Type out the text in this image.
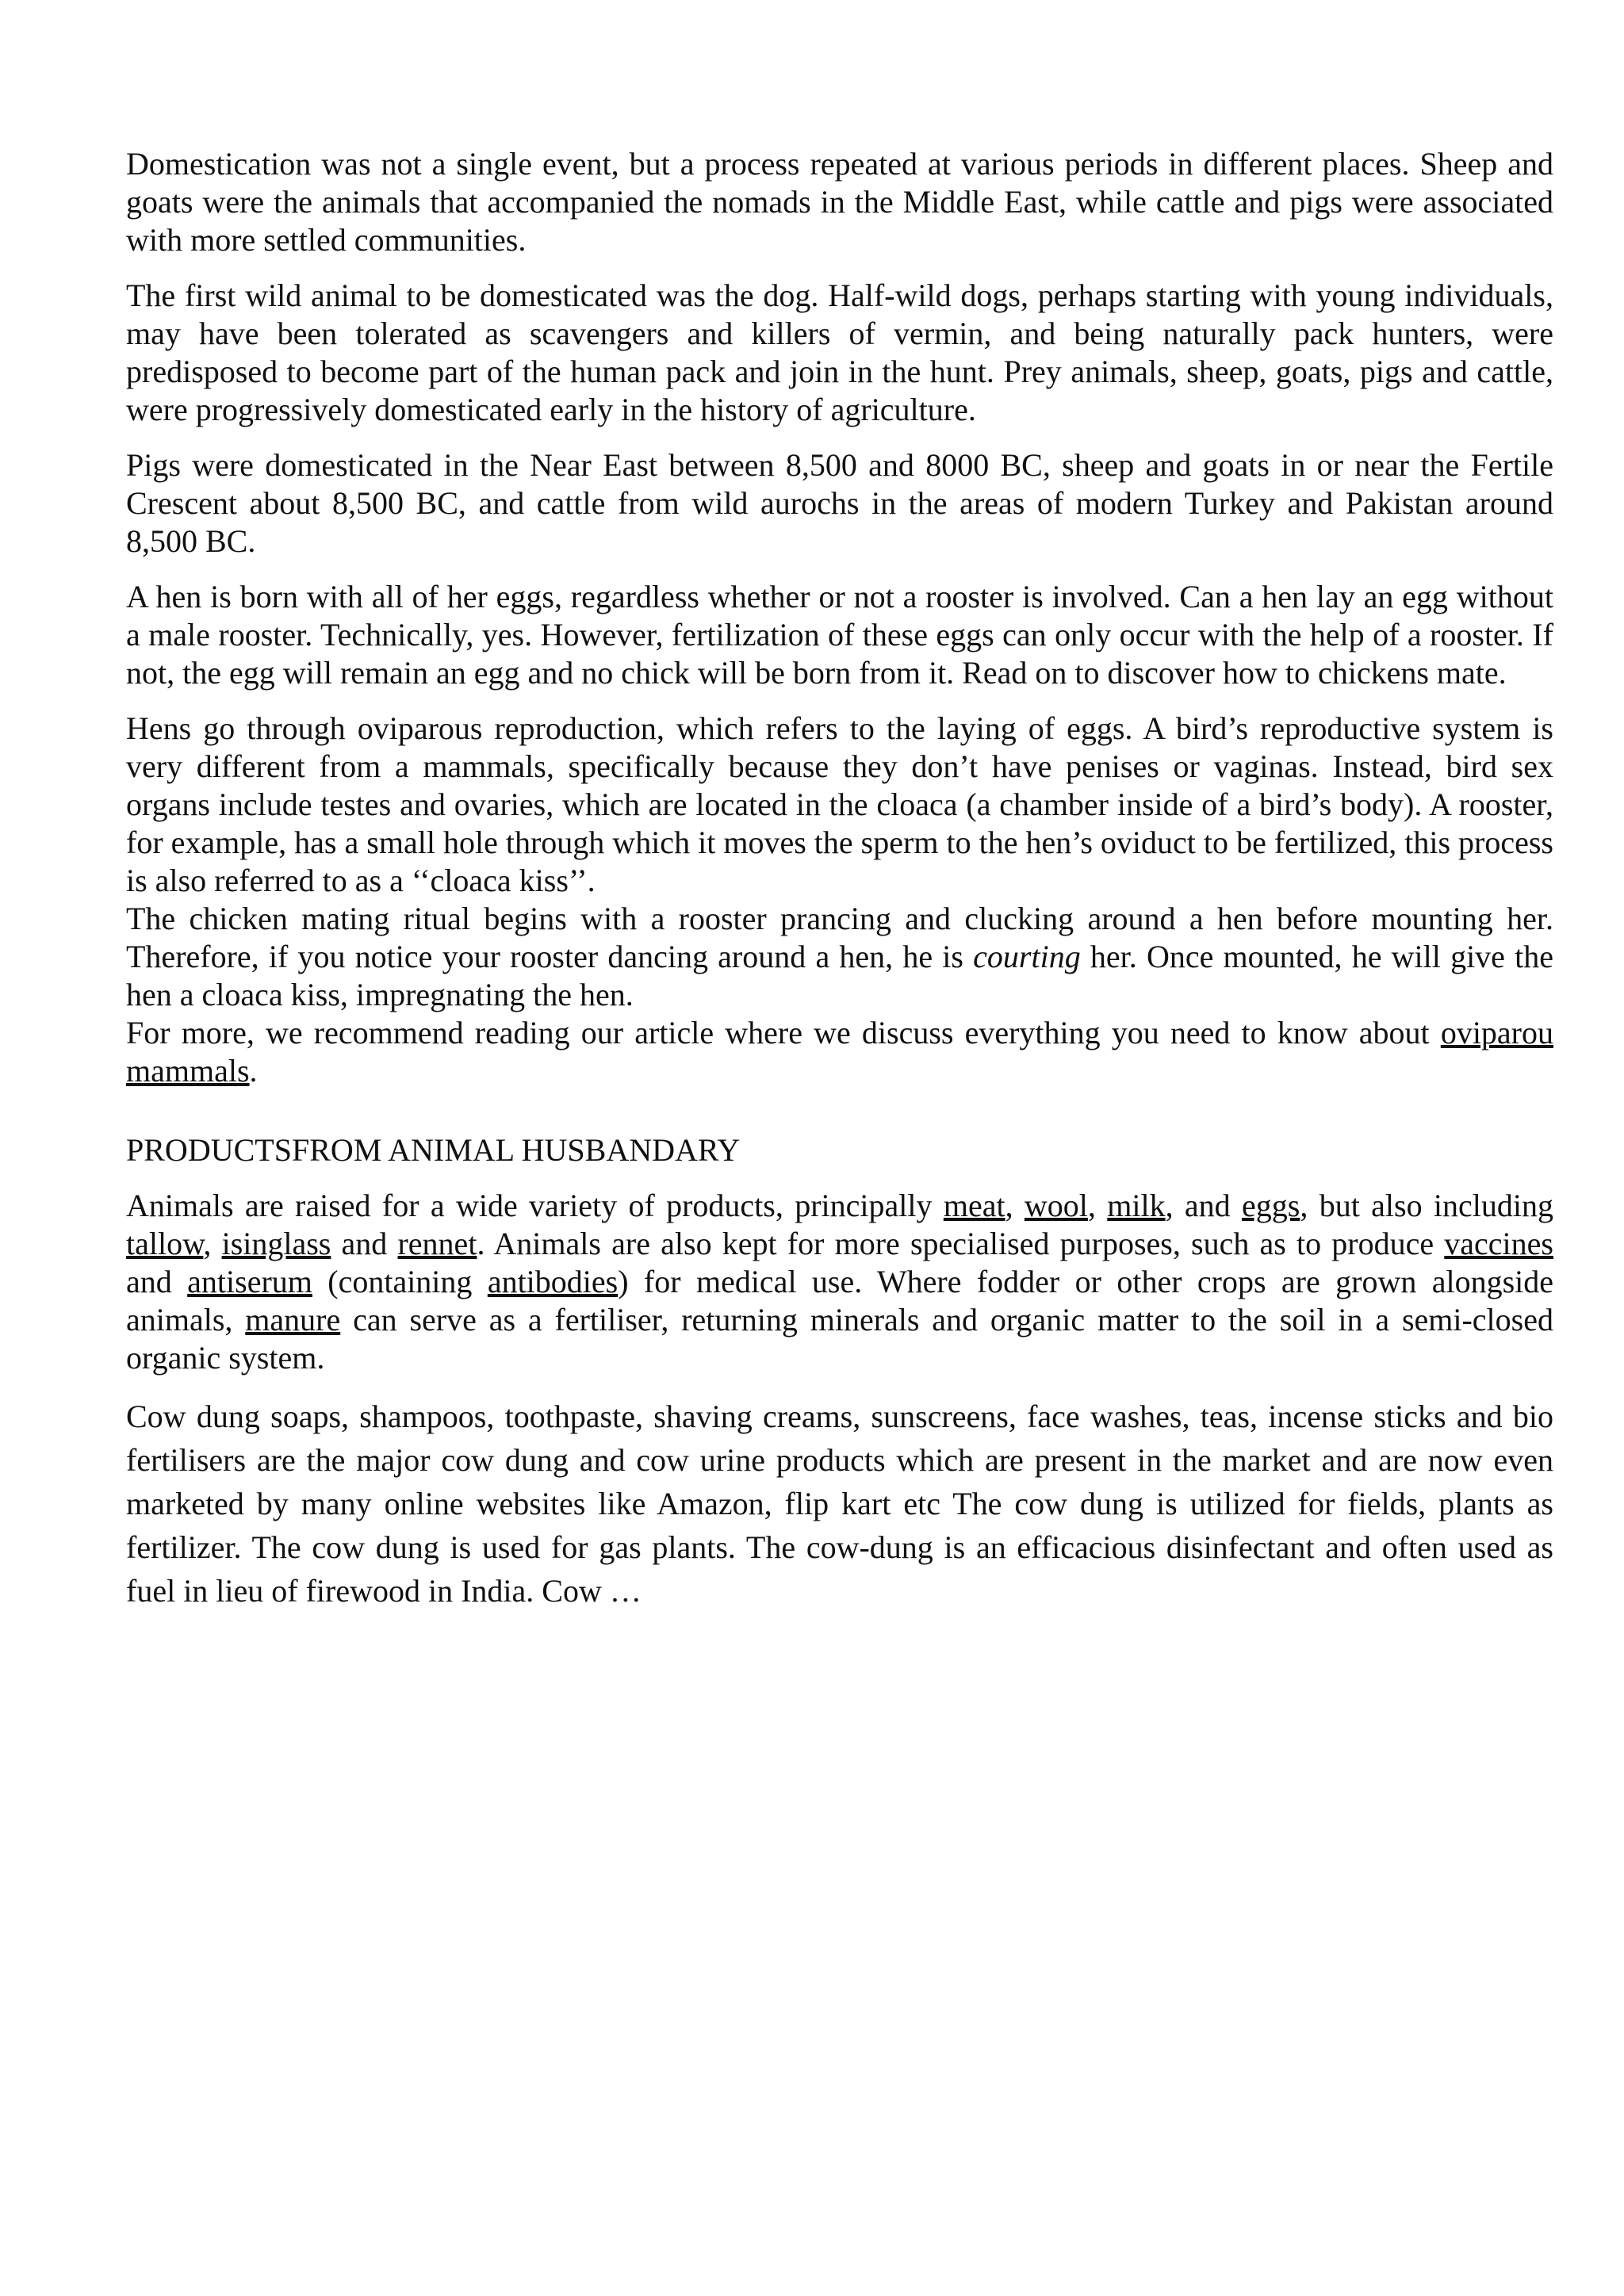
Domestication was not a single event, but a process repeated at various periods in different places. Sheep and goats were the animals that accompanied the nomads in the Middle East, while cattle and pigs were associated with more settled communities.

The first wild animal to be domesticated was the dog. Half-wild dogs, perhaps starting with young individuals, may have been tolerated as scavengers and killers of vermin, and being naturally pack hunters, were predisposed to become part of the human pack and join in the hunt. Prey animals, sheep, goats, pigs and cattle, were progressively domesticated early in the history of agriculture.

Pigs were domesticated in the Near East between 8,500 and 8000 BC, sheep and goats in or near the Fertile Crescent about 8,500 BC, and cattle from wild aurochs in the areas of modern Turkey and Pakistan around 8,500 BC.

A hen is born with all of her eggs, regardless whether or not a rooster is involved. Can a hen lay an egg without a male rooster. Technically, yes. However, fertilization of these eggs can only occur with the help of a rooster. If not, the egg will remain an egg and no chick will be born from it. Read on to discover how to chickens mate.

Hens go through oviparous reproduction, which refers to the laying of eggs. A bird’s reproductive system is very different from a mammals, specifically because they don’t have penises or vaginas. Instead, bird sex organs include testes and ovaries, which are located in the cloaca (a chamber inside of a bird’s body). A rooster, for example, has a small hole through which it moves the sperm to the hen’s oviduct to be fertilized, this process is also referred to as a ‘‘cloaca kiss’’.

The chicken mating ritual begins with a rooster prancing and clucking around a hen before mounting her. Therefore, if you notice your rooster dancing around a hen, he is courting her. Once mounted, he will give the hen a cloaca kiss, impregnating the hen.

For more, we recommend reading our article where we discuss everything you need to know about oviparou mammals.

PRODUCTSFROM ANIMAL HUSBANDARY

Animals are raised for a wide variety of products, principally meat, wool, milk, and eggs, but also including tallow, isinglass and rennet. Animals are also kept for more specialised purposes, such as to produce vaccines and antiserum (containing antibodies) for medical use. Where fodder or other crops are grown alongside animals, manure can serve as a fertiliser, returning minerals and organic matter to the soil in a semi-closed organic system.

Cow dung soaps, shampoos, toothpaste, shaving creams, sunscreens, face washes, teas, incense sticks and bio fertilisers are the major cow dung and cow urine products which are present in the market and are now even marketed by many online websites like Amazon, flip kart etc The cow dung is utilized for fields, plants as fertilizer. The cow dung is used for gas plants. The cow-dung is an efficacious disinfectant and often used as fuel in lieu of firewood in India. Cow …
